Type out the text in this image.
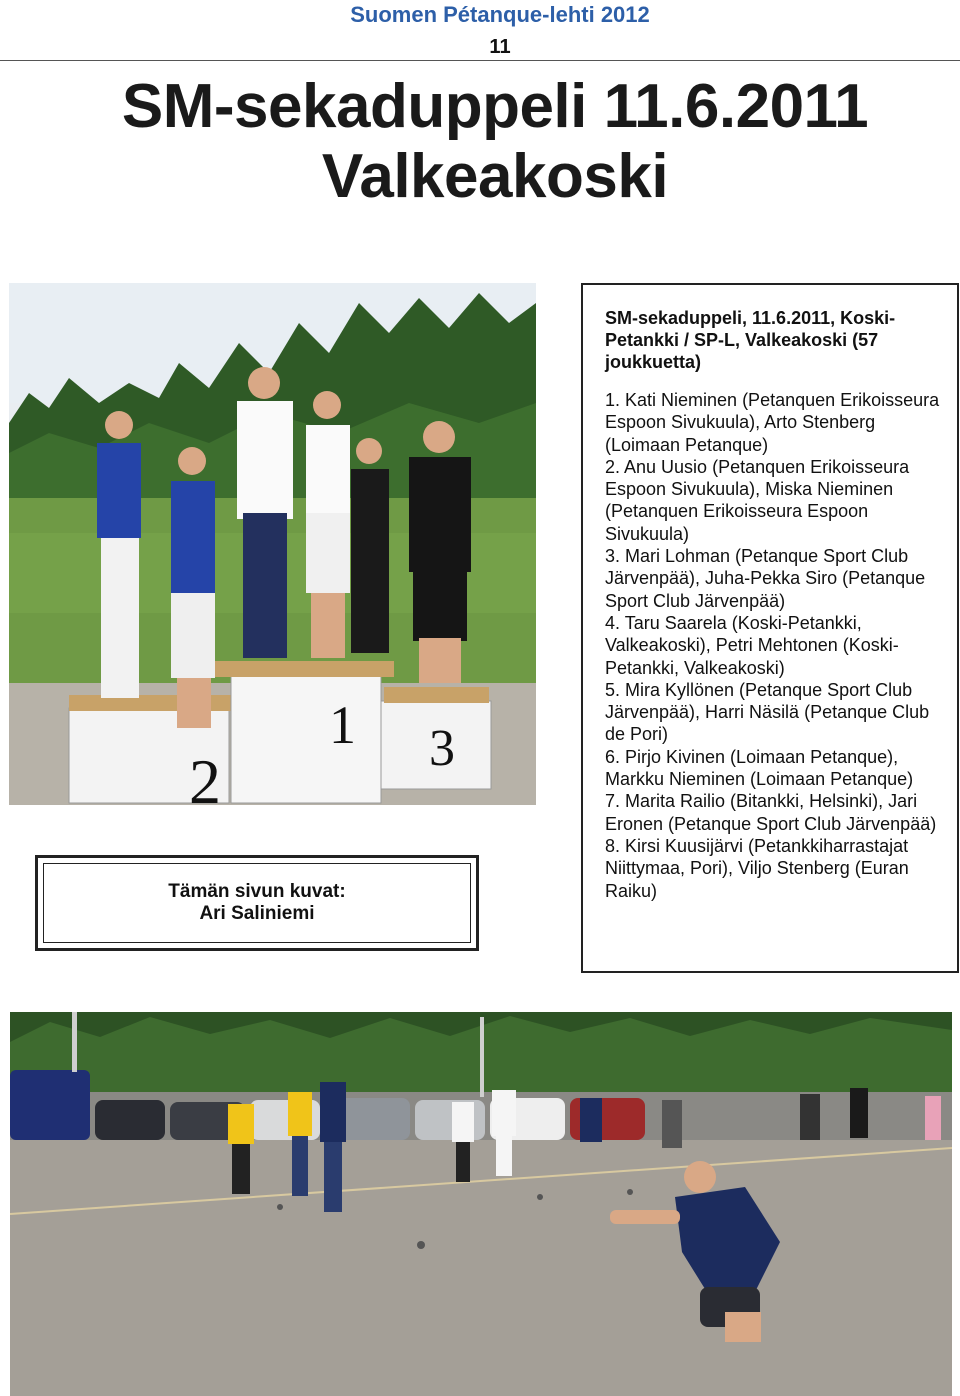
Suomen Pétanque-lehti 2012
11
SM-sekaduppeli 11.6.2011
Valkeakoski
1
2	3
Tämän sivun kuvat:
Ari Saliniemi
SM-sekaduppeli, 11.6.2011, Koski-Petankki / SP-L, Valkeakoski (57 joukkuetta)
1. Kati Nieminen (Petanquen Erikoisseura Espoon Sivukuula), Arto Stenberg (Loimaan Petanque)
2. Anu Uusio (Petanquen Erikoisseura Espoon Sivukuula), Miska Nieminen (Petanquen Erikoisseura Espoon Sivukuula)
3. Mari Lohman (Petanque Sport Club Järvenpää), Juha-Pekka Siro (Petanque Sport Club Järvenpää)
4. Taru Saarela (Koski-Petankki, Valkeakoski), Petri Mehtonen (Koski-Petankki, Valkeakoski)
5. Mira Kyllönen (Petanque Sport Club Järvenpää), Harri Näsilä (Petanque Club de Pori)
6. Pirjo Kivinen (Loimaan Petanque), Markku Nieminen (Loimaan Petanque)
7. Marita Railio (Bitankki, Helsinki), Jari Eronen (Petanque Sport Club Järvenpää)
8. Kirsi Kuusijärvi (Petankkiharrastajat Niittymaa, Pori), Viljo Stenberg (Euran Raiku)
